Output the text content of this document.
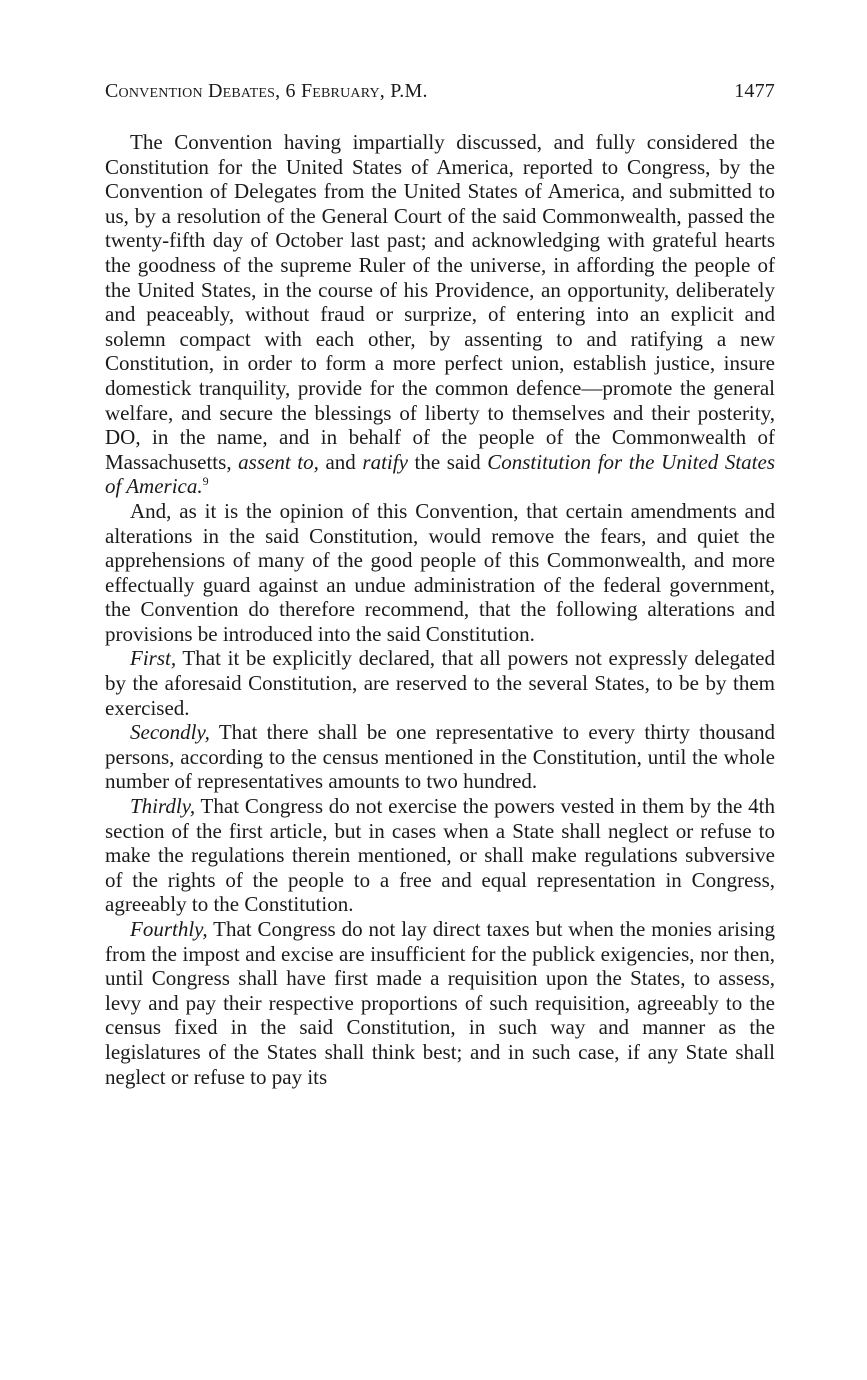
Convention Debates, 6 February, P.M.	1477

The Convention having impartially discussed, and fully considered the Constitution for the United States of America, reported to Congress, by the Convention of Delegates from the United States of America, and submitted to us, by a resolution of the General Court of the said Commonwealth, passed the twenty-fifth day of October last past; and acknowledging with grateful hearts the goodness of the supreme Ruler of the universe, in affording the people of the United States, in the course of his Providence, an opportunity, deliberately and peaceably, without fraud or surprize, of entering into an explicit and solemn compact with each other, by assenting to and ratifying a new Constitution, in order to form a more perfect union, establish justice, insure domestick tranquility, provide for the common defence—promote the general welfare, and secure the blessings of liberty to themselves and their posterity, DO, in the name, and in behalf of the people of the Commonwealth of Massachusetts, assent to, and ratify the said Constitution for the United States of America.$^9$

And, as it is the opinion of this Convention, that certain amendments and alterations in the said Constitution, would remove the fears, and quiet the apprehensions of many of the good people of this Commonwealth, and more effectually guard against an undue administration of the federal government, the Convention do therefore recommend, that the following alterations and provisions be introduced into the said Constitution.

First, That it be explicitly declared, that all powers not expressly delegated by the aforesaid Constitution, are reserved to the several States, to be by them exercised.

Secondly, That there shall be one representative to every thirty thousand persons, according to the census mentioned in the Constitution, until the whole number of representatives amounts to two hundred.

Thirdly, That Congress do not exercise the powers vested in them by the 4th section of the first article, but in cases when a State shall neglect or refuse to make the regulations therein mentioned, or shall make regulations subversive of the rights of the people to a free and equal representation in Congress, agreeably to the Constitution.

Fourthly, That Congress do not lay direct taxes but when the monies arising from the impost and excise are insufficient for the publick exigencies, nor then, until Congress shall have first made a requisition upon the States, to assess, levy and pay their respective proportions of such requisition, agreeably to the census fixed in the said Constitution, in such way and manner as the legislatures of the States shall think best; and in such case, if any State shall neglect or refuse to pay its
